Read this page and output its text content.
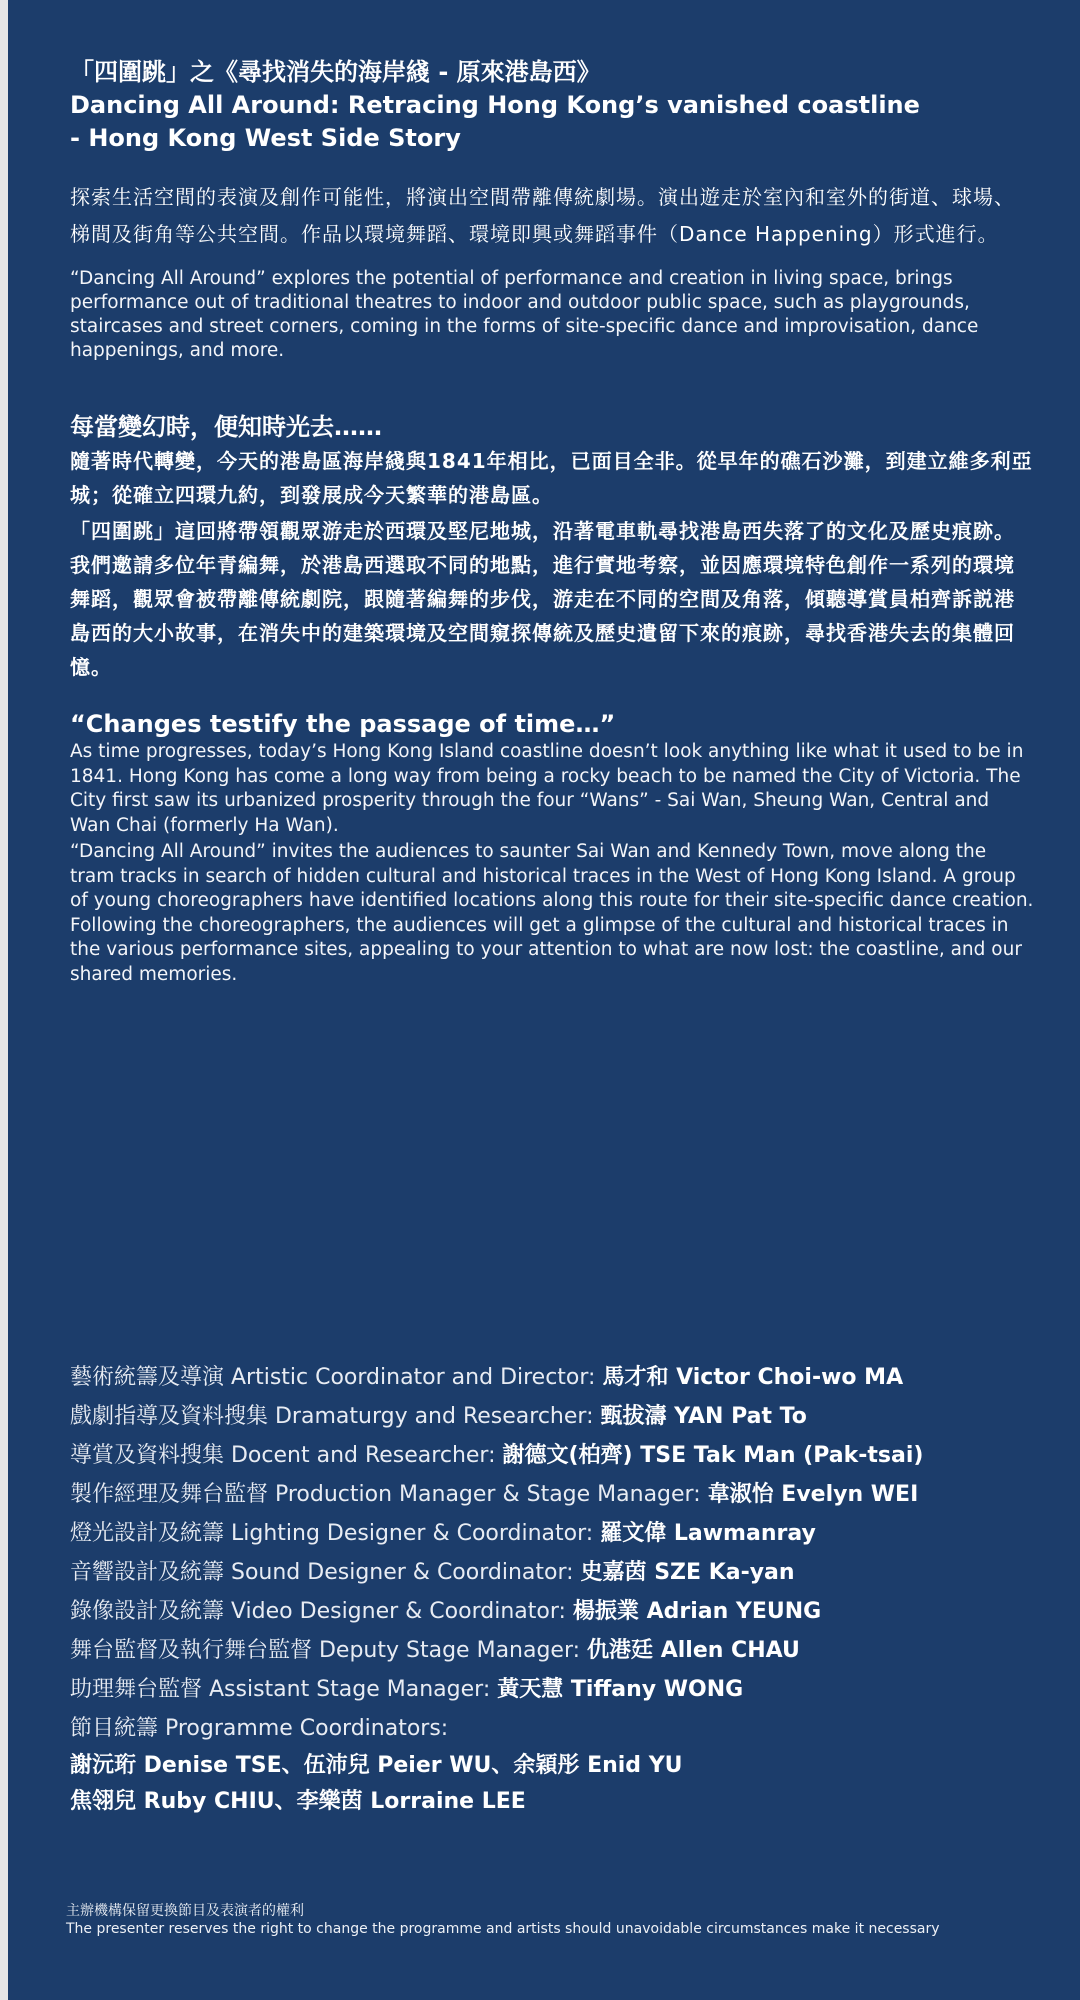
「四圍跳」之《尋找消失的海岸綫 - 原來港島西》
Dancing All Around: Retracing Hong Kong’s vanished coastline
- Hong Kong West Side Story

探索生活空間的表演及創作可能性，將演出空間帶離傳統劇場。演出遊走於室內和室外的街道、球場、梯間及街角等公共空間。作品以環境舞蹈、環境即興或舞蹈事件（Dance Happening）形式進行。

“Dancing All Around” explores the potential of performance and creation in living space, brings performance out of traditional theatres to indoor and outdoor public space, such as playgrounds, staircases and street corners, coming in the forms of site-specific dance and improvisation, dance happenings, and more.

每當變幻時，便知時光去……

隨著時代轉變，今天的港島區海岸綫與1841年相比，已面目全非。從早年的礁石沙灘，到建立維多利亞城；從確立四環九約，到發展成今天繁華的港島區。

「四圍跳」這回將帶領觀眾游走於西環及堅尼地城，沿著電車軌尋找港島西失落了的文化及歷史痕跡。我們邀請多位年青編舞，於港島西選取不同的地點，進行實地考察，並因應環境特色創作一系列的環境舞蹈，觀眾會被帶離傳統劇院，跟隨著編舞的步伐，游走在不同的空間及角落，傾聽導賞員柏齊訴説港島西的大小故事，在消失中的建築環境及空間窺探傳統及歷史遺留下來的痕跡，尋找香港失去的集體回憶。

“Changes testify the passage of time…”

As time progresses, today’s Hong Kong Island coastline doesn’t look anything like what it used to be in 1841. Hong Kong has come a long way from being a rocky beach to be named the City of Victoria. The City first saw its urbanized prosperity through the four “Wans” - Sai Wan, Sheung Wan, Central and Wan Chai (formerly Ha Wan).

“Dancing All Around” invites the audiences to saunter Sai Wan and Kennedy Town, move along the tram tracks in search of hidden cultural and historical traces in the West of Hong Kong Island. A group of young choreographers have identified locations along this route for their site-specific dance creation. Following the choreographers, the audiences will get a glimpse of the cultural and historical traces in the various performance sites, appealing to your attention to what are now lost: the coastline, and our shared memories.

藝術統籌及導演 Artistic Coordinator and Director: 馬才和 Victor Choi-wo MA
戲劇指導及資料搜集 Dramaturgy and Researcher: 甄拔濤 YAN Pat To
導賞及資料搜集 Docent and Researcher: 謝德文(柏齊) TSE Tak Man (Pak-tsai)
製作經理及舞台監督 Production Manager & Stage Manager: 韋淑怡 Evelyn WEI
燈光設計及統籌 Lighting Designer & Coordinator: 羅文偉 Lawmanray
音響設計及統籌 Sound Designer & Coordinator: 史嘉茵 SZE Ka-yan
錄像設計及統籌 Video Designer & Coordinator: 楊振業 Adrian YEUNG
舞台監督及執行舞台監督 Deputy Stage Manager: 仇港廷 Allen CHAU
助理舞台監督 Assistant Stage Manager: 黃天慧 Tiffany WONG
節目統籌 Programme Coordinators:
謝沅珩 Denise TSE、伍沛兒 Peier WU、余穎彤 Enid YU
焦翎兒 Ruby CHIU、李樂茵 Lorraine LEE
主辦機構保留更換節目及表演者的權利
The presenter reserves the right to change the programme and artists should unavoidable circumstances make it necessary
